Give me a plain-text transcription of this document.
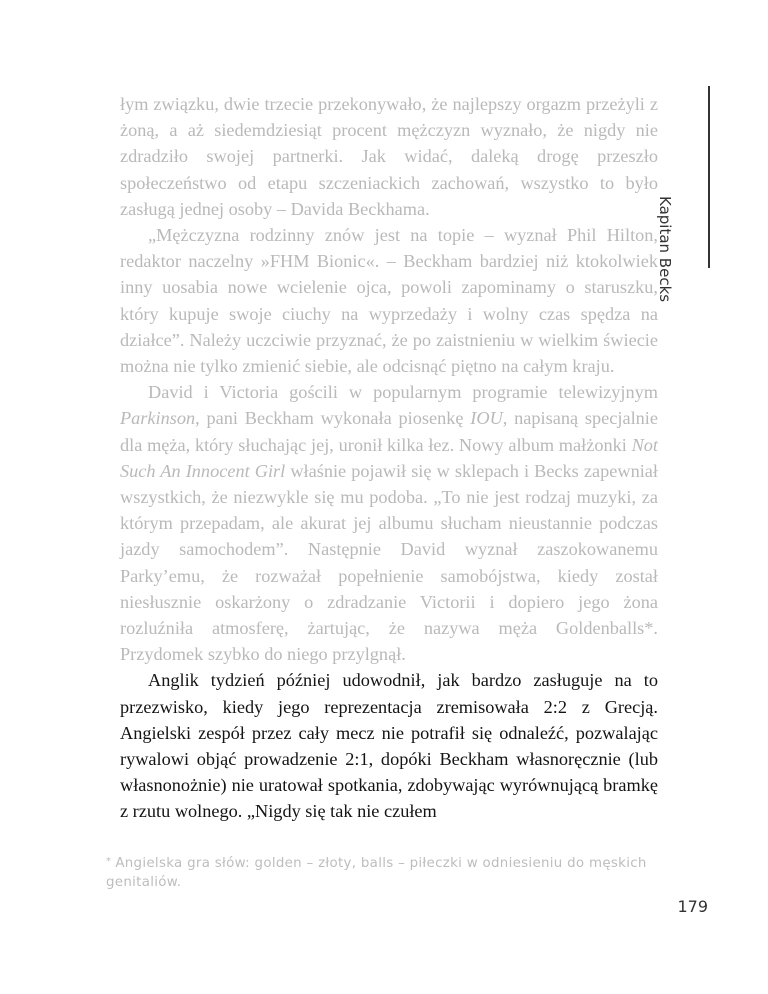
Kapitan Becks

łym związku, dwie trzecie przekonywało, że najlepszy orgazm przeżyli z żoną, a aż siedemdziesiąt procent mężczyzn wyznało, że nigdy nie zdradziło swojej partnerki. Jak widać, daleką drogę przeszło społeczeństwo od etapu szczeniackich zachowań, wszystko to było zasługą jednej osoby – Davida Beckhama.

„Mężczyzna rodzinny znów jest na topie – wyznał Phil Hilton, redaktor naczelny »FHM Bionic«. – Beckham bardziej niż ktokolwiek inny uosabia nowe wcielenie ojca, powoli zapominamy o staruszku, który kupuje swoje ciuchy na wyprzedaży i wolny czas spędza na działce”. Należy uczciwie przyznać, że po zaistnieniu w wielkim świecie można nie tylko zmienić siebie, ale odcisnąć piętno na całym kraju.

David i Victoria gościli w popularnym programie telewizyjnym Parkinson, pani Beckham wykonała piosenkę IOU, napisaną specjalnie dla męża, który słuchając jej, uronił kilka łez. Nowy album małżonki Not Such An Innocent Girl właśnie pojawił się w sklepach i Becks zapewniał wszystkich, że niezwykle się mu podoba. „To nie jest rodzaj muzyki, za którym przepadam, ale akurat jej albumu słucham nieustannie podczas jazdy samochodem”. Następnie David wyznał zaszokowanemu Parky’emu, że rozważał popełnienie samobójstwa, kiedy został niesłusznie oskarżony o zdradzanie Victorii i dopiero jego żona rozluźniła atmosferę, żartując, że nazywa męża Goldenballs*. Przydomek szybko do niego przylgnął.

Anglik tydzień później udowodnił, jak bardzo zasługuje na to przezwisko, kiedy jego reprezentacja zremisowała 2:2 z Grecją. Angielski zespół przez cały mecz nie potrafił się odnaleźć, pozwalając rywalowi objąć prowadzenie 2:1, dopóki Beckham własnoręcznie (lub własnonożnie) nie uratował spotkania, zdobywając wyrównującą bramkę z rzutu wolnego. „Nigdy się tak nie czułem

* Angielska gra słów: golden – złoty, balls – piłeczki w odniesieniu do męskich genitaliów.
179
